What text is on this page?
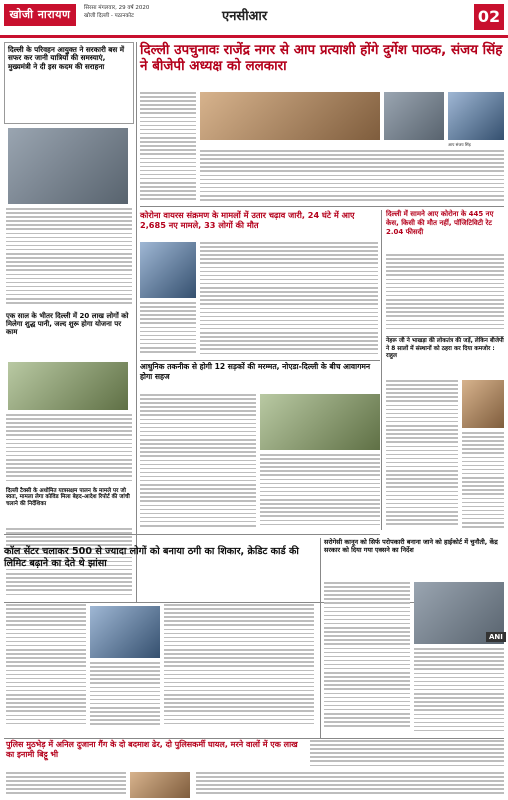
खोजी नारायण	सिरसा मंगलवार, 29 वर्ष 2020
खोजी दिल्ली - पठानकोट	एनसीआर	02
दिल्ली के परिवहन आयुक्त ने सरकारी बस में सफर कर जानी यात्रियों की समस्याएं, मुख्यमंत्री ने दी इस कदम की सराहना
एक साल के भीतर दिल्ली में 20 लाख लोगों को मिलेगा शुद्ध पानी, जल्द शुरू होगा योजना पर काम
दिल्ली टैक्सी के अधोमित यात्रसक्षम पालन के मामले पर जो स्वतः, मामला लेगा कोविड मिला बेहद-आदेश रिपोर्ट की जांची चलाने की निर्देशिका
दिल्ली उपचुनावः राजेंद्र नगर से आप प्रत्याशी होंगे दुर्गेश पाठक, संजय सिंह ने बीजेपी अध्यक्ष को ललकारा
आप संजय सिंह
कोरोना वायरस संक्रमण के मामलों में उतार चढ़ाव जारी, 24 घंटे में आए 2,685 नए मामले, 33 लोगों की मौत
दिल्ली में सामने आए कोरोना के 445 नए केस, किसी की मौत नहीं, पॉजिटिविटी रेट 2.04 फीसदी
आधुनिक तकनीक से होगी 12 सड़कों की मरम्मत, नोएडा-दिल्ली के बीच आवागमन होगा सहज
नेहरू जी ने भाखड़ा की लोकतंत्र की जड़ें, लेकिन बीजेपी ने 8 सालों में संस्थानों को ठहरा कर दिया कमजोर : राहुल
कॉल सेंटर चलाकर 500 से ज्यादा लोगों को बनाया ठगी का शिकार, क्रेडिट कार्ड की लिमिट बढ़ाने का देते थे झांसा
सरोगेसी कानून को सिर्फ परोपकारी बनाना जाने को हाईकोर्ट में चुनौती, केंद्र सरकार को दिया गया एक्सने का निर्देश
ANI
पुलिस मुठभेड़ में अनिल दुजाना गैंग के दो बदमाश ढेर, दो पुलिसकर्मी घायल, मरने वालों में एक लाख का इनामी बिट्टू भी
